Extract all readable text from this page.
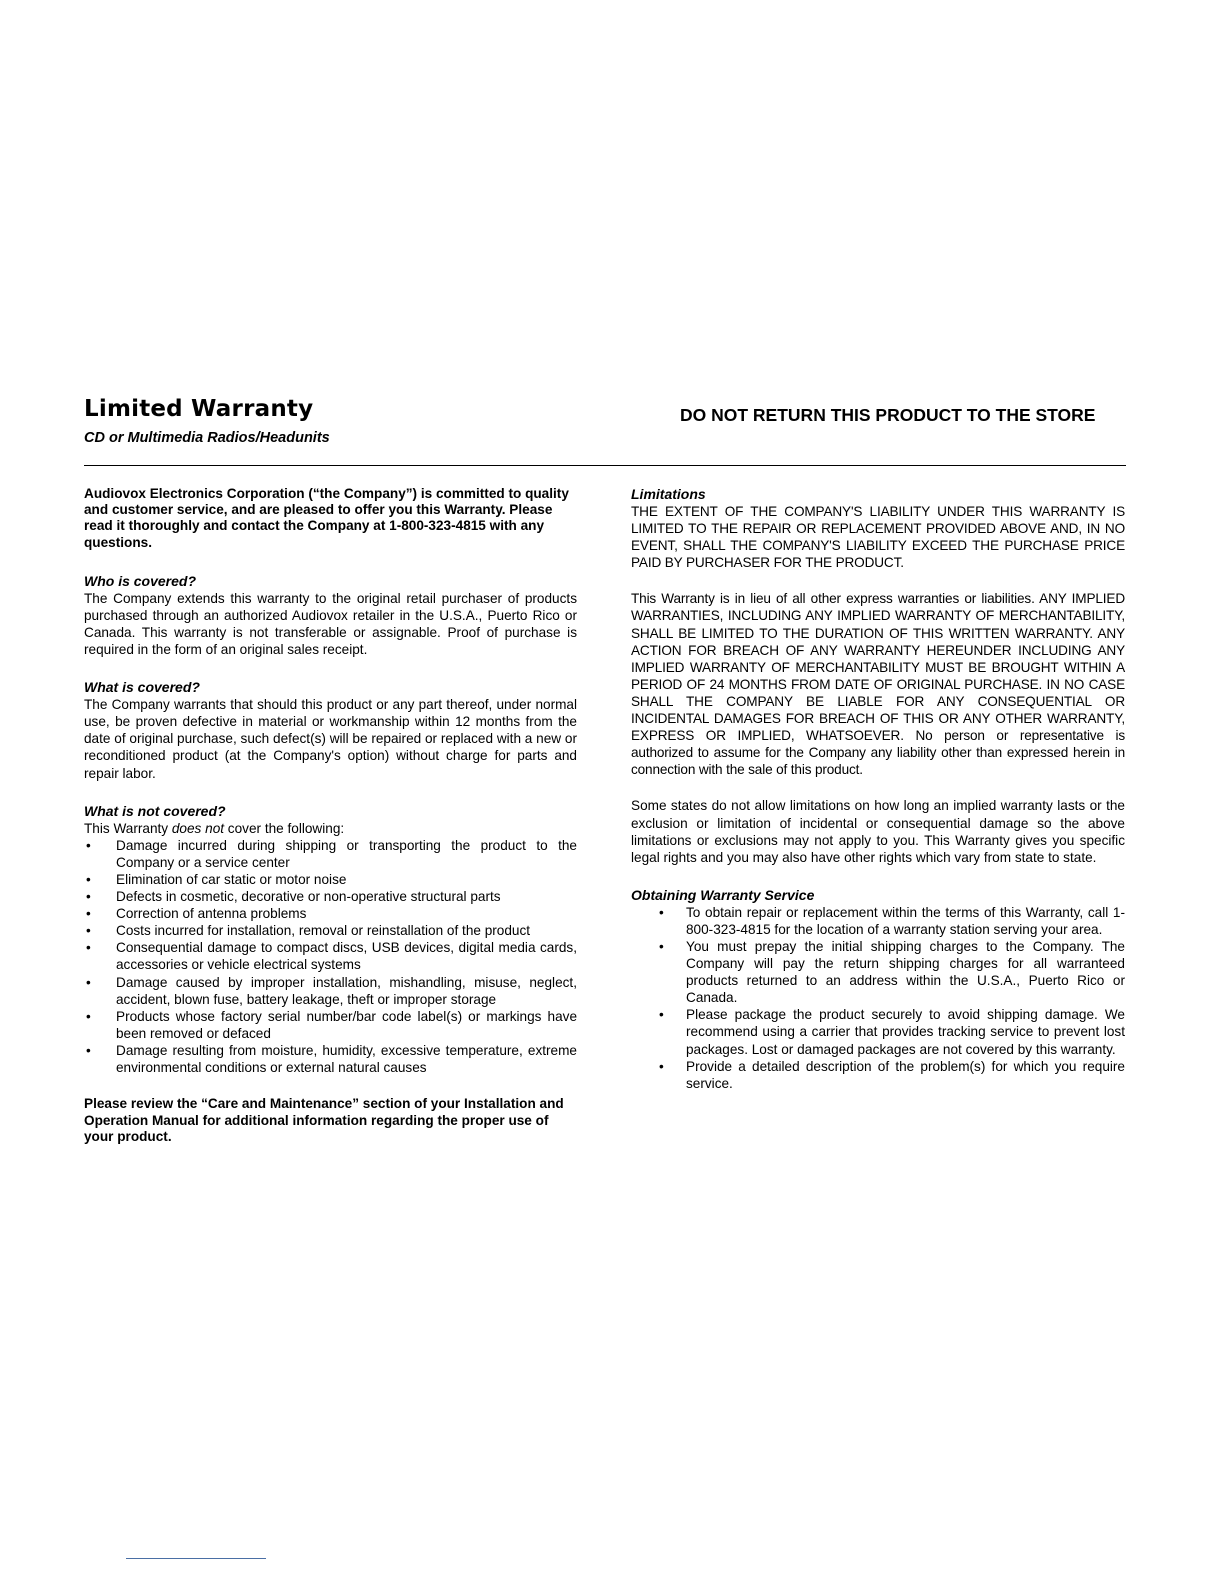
Limited Warranty

CD or Multimedia Radios/Headunits

DO NOT RETURN THIS PRODUCT TO THE STORE

Audiovox Electronics Corporation (“the Company”) is committed to quality and customer service, and are pleased to offer you this Warranty. Please read it thoroughly and contact the Company at 1-800-323-4815 with any questions.

Who is covered?

The Company extends this warranty to the original retail purchaser of products purchased through an authorized Audiovox retailer in the U.S.A., Puerto Rico or Canada. This warranty is not transferable or assignable. Proof of purchase is required in the form of an original sales receipt.

What is covered?

The Company warrants that should this product or any part thereof, under normal use, be proven defective in material or workmanship within 12 months from the date of original purchase, such defect(s) will be repaired or replaced with a new or reconditioned product (at the Company's option) without charge for parts and repair labor.

What is not covered?

This Warranty does not cover the following:

• Damage incurred during shipping or transporting the product to the Company or a service center
• Elimination of car static or motor noise
• Defects in cosmetic, decorative or non-operative structural parts
• Correction of antenna problems
• Costs incurred for installation, removal or reinstallation of the product
• Consequential damage to compact discs, USB devices, digital media cards, accessories or vehicle electrical systems
• Damage caused by improper installation, mishandling, misuse, neglect, accident, blown fuse, battery leakage, theft or improper storage
• Products whose factory serial number/bar code label(s) or markings have been removed or defaced
• Damage resulting from moisture, humidity, excessive temperature, extreme environmental conditions or external natural causes

Please review the “Care and Maintenance” section of your Installation and Operation Manual for additional information regarding the proper use of your product.

Limitations

THE EXTENT OF THE COMPANY'S LIABILITY UNDER THIS WARRANTY IS LIMITED TO THE REPAIR OR REPLACEMENT PROVIDED ABOVE AND, IN NO EVENT, SHALL THE COMPANY'S LIABILITY EXCEED THE PURCHASE PRICE PAID BY PURCHASER FOR THE PRODUCT.

This Warranty is in lieu of all other express warranties or liabilities. ANY IMPLIED WARRANTIES, INCLUDING ANY IMPLIED WARRANTY OF MERCHANTABILITY, SHALL BE LIMITED TO THE DURATION OF THIS WRITTEN WARRANTY. ANY ACTION FOR BREACH OF ANY WARRANTY HEREUNDER INCLUDING ANY IMPLIED WARRANTY OF MERCHANTABILITY MUST BE BROUGHT WITHIN A PERIOD OF 24 MONTHS FROM DATE OF ORIGINAL PURCHASE. IN NO CASE SHALL THE COMPANY BE LIABLE FOR ANY CONSEQUENTIAL OR INCIDENTAL DAMAGES FOR BREACH OF THIS OR ANY OTHER WARRANTY, EXPRESS OR IMPLIED, WHATSOEVER. No person or representative is authorized to assume for the Company any liability other than expressed herein in connection with the sale of this product.

Some states do not allow limitations on how long an implied warranty lasts or the exclusion or limitation of incidental or consequential damage so the above limitations or exclusions may not apply to you. This Warranty gives you specific legal rights and you may also have other rights which vary from state to state.

Obtaining Warranty Service

• To obtain repair or replacement within the terms of this Warranty, call 1-800-323-4815 for the location of a warranty station serving your area.
• You must prepay the initial shipping charges to the Company. The Company will pay the return shipping charges for all warranteed products returned to an address within the U.S.A., Puerto Rico or Canada.
• Please package the product securely to avoid shipping damage. We recommend using a carrier that provides tracking service to prevent lost packages. Lost or damaged packages are not covered by this warranty.
• Provide a detailed description of the problem(s) for which you require service.
